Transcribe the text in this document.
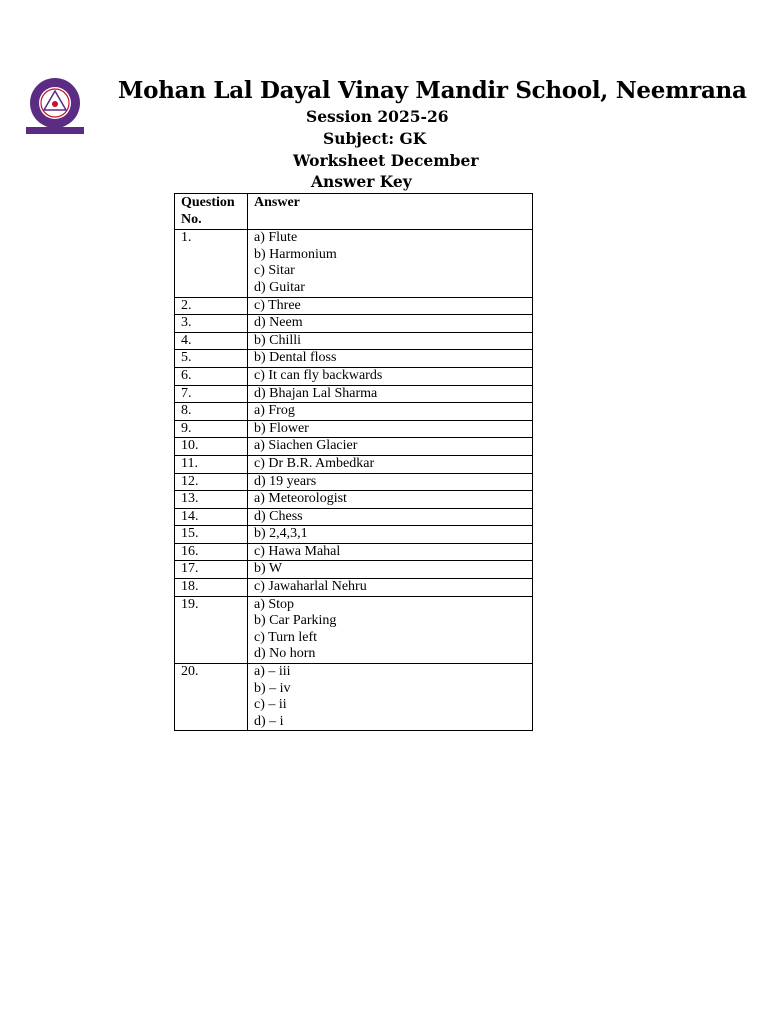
Mohan Lal Dayal Vinay Mandir School, Neemrana
Session 2025-26
Subject: GK
Worksheet December
Answer Key
Question No.	Answer
1.	a) Flute
b) Harmonium
c) Sitar
d) Guitar

2.	c) Three

3.	d) Neem

4.	b) Chilli

5.	b) Dental floss

6.	c) It can fly backwards

7.	d) Bhajan Lal Sharma

8.	a) Frog

9.	b) Flower

10.	a) Siachen Glacier

11.	c) Dr B.R. Ambedkar

12.	d) 19 years

13.	a) Meteorologist

14.	d) Chess

15.	b) 2,4,3,1

16.	c) Hawa Mahal

17.	b) W

18.	c) Jawaharlal Nehru

19.	a) Stop
b) Car Parking
c) Turn left
d) No horn

20.	a) – iii
b) – iv
c) – ii
d) – i
